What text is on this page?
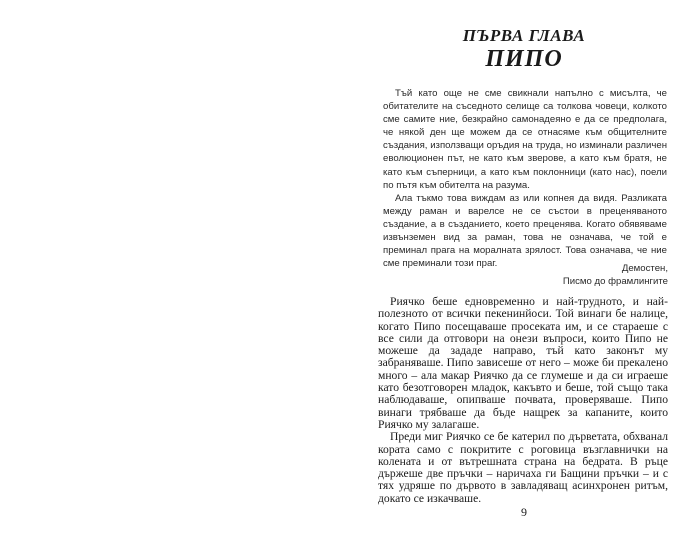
ПЪРВА ГЛАВА
ПИПО

Тъй като още не сме свикнали напълно с мисълта, че обитателите на съседното селище са толкова човеци, колкото сме самите ние, безкрайно самонадеяно е да се предполага, че някой ден ще можем да се отнасяме към общителните създания, използващи оръдия на труда, но изминали различен еволюционен път, не като към зверове, а като към братя, не като към съперници, а като към поклонници (като нас), поели по пътя към обителта на разума.

Ала тъкмо това виждам аз или копнея да видя. Разликата между раман и варелсе не се състои в преценяваното създание, а в създанието, което преценява. Когато обявяваме извънземен вид за раман, това не означава, че той е преминал прага на моралната зрялост. Това означава, че ние сме преминали този праг.	Демостен,
Писмо до фрамлингите

Риячко беше едновременно и най-трудното, и най-полезното от всички пекенинйоси. Той винаги бе налице, когато Пипо посещаваше просеката им, и се стараеше с все сили да отговори на онези въпроси, които Пипо не можеше да зададе направо, тъй като законът му забраняваше. Пипо зависеше от него – може би прекалено много – ала макар Риячко да се глумеше и да си играеше като безотговорен младок, какъвто и беше, той също така наблюдаваше, опипваше почвата, проверяваше. Пипо винаги трябваше да бъде нащрек за капаните, които Риячко му залагаше.

Преди миг Риячко се бе катерил по дърветата, обхванал кората само с покритите с роговица възглавнички на колената и от вътрешната страна на бедрата. В ръце държеше две пръчки – наричаха ги Бащини пръчки – и с тях удряше по дървото в завладяващ асинхронен ритъм, докато се изкачваше.

9
